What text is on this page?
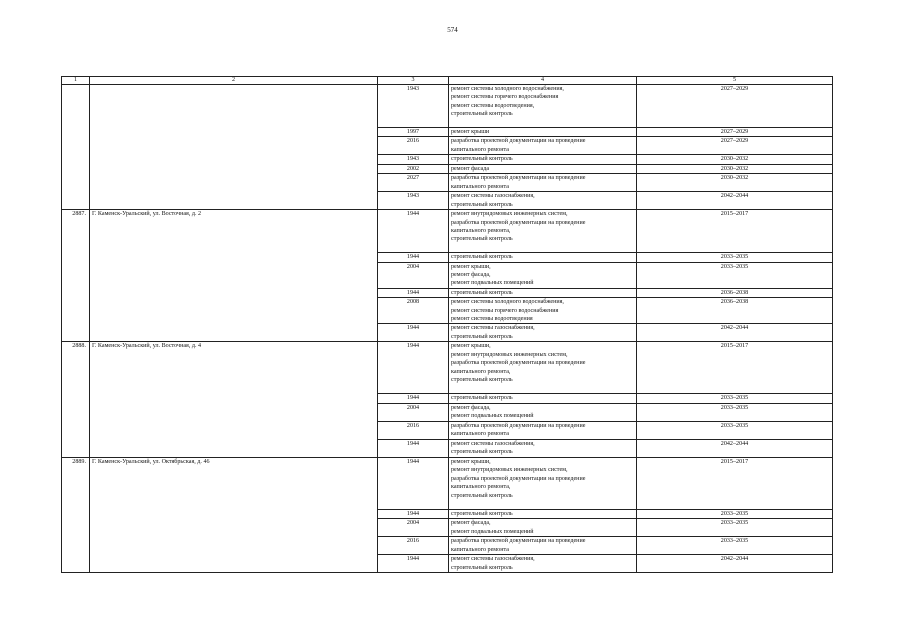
574
1	2	3	4	5
		1943	ремонт системы холодного водоснабжения,
ремонт системы горячего водоснабжения
ремонт системы водоотведения,
строительный контроль	2027–2029
		1997	ремонт крыши	2027–2029
		2016	разработка проектной документации на проведение
капитального ремонта	2027–2029
		1943	строительный контроль	2030–2032
		2002	ремонт фасада	2030–2032
		2027	разработка проектной документации на проведение
капитального ремонта	2030–2032
		1943	ремонт системы газоснабжения,
строительный контроль	2042–2044
2887.	Г. Каменск-Уральский, ул. Восточная, д. 2	1944	ремонт внутридомовых инженерных систем,
разработка проектной документации на проведение
капитального ремонта,
строительный контроль	2015–2017
		1944	строительный контроль	2033–2035
		2004	ремонт крыши,
ремонт фасада,
ремонт подвальных помещений	2033–2035
		1944	строительный контроль	2036–2038
		2008	ремонт системы холодного водоснабжения,
ремонт системы горячего водоснабжения
ремонт системы водоотведения	2036–2038
		1944	ремонт системы газоснабжения,
строительный контроль	2042–2044
2888.	Г. Каменск-Уральский, ул. Восточная, д. 4	1944	ремонт крыши,
ремонт внутридомовых инженерных систем,
разработка проектной документации на проведение
капитального ремонта,
строительный контроль	2015–2017
		1944	строительный контроль	2033–2035
		2004	ремонт фасада,
ремонт подвальных помещений	2033–2035
		2016	разработка проектной документации на проведение
капитального ремонта	2033–2035
		1944	ремонт системы газоснабжения,
строительный контроль	2042–2044
2889.	Г. Каменск-Уральский, ул. Октябрьская, д. 46	1944	ремонт крыши,
ремонт внутридомовых инженерных систем,
разработка проектной документации на проведение
капитального ремонта,
строительный контроль	2015–2017
		1944	строительный контроль	2033–2035
		2004	ремонт фасада,
ремонт подвальных помещений	2033–2035
		2016	разработка проектной документации на проведение
капитального ремонта	2033–2035
		1944	ремонт системы газоснабжения,
строительный контроль	2042–2044
